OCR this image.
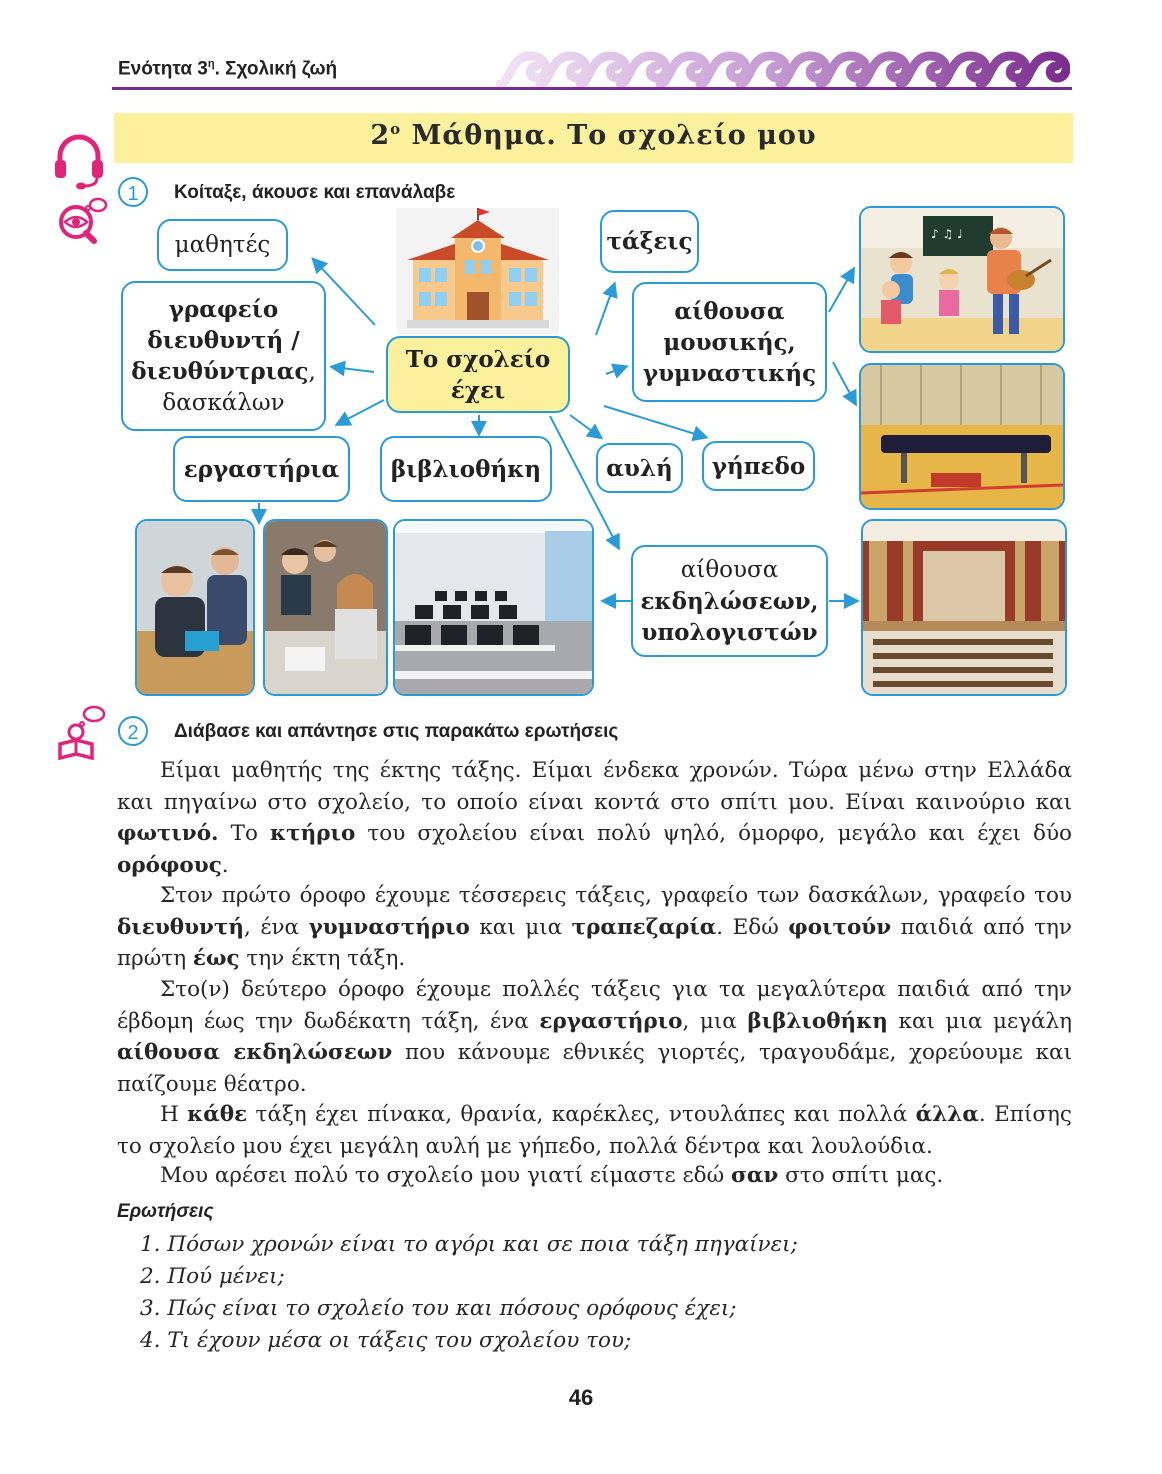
Ενότητα $3^\eta$. Σχολική ζωή
$2^o$ Μάθημα. Το σχολείο μου
1	Κοίταξε, άκουσε και επανάλαβε
μαθητές
γραφείο
διευθυντή /
διευθύντριας,
δασκάλων
Το σχολείο
έχει
εργαστήρια βιβλιοθήκη
τάξεις
αίθουσα
μουσικής,
γυμναστικής
αυλή γήπεδο
αίθουσα
εκδηλώσεων,
υπολογιστών
♪ ♫ ♩
2	Διάβασε και απάντησε στις παρακάτω ερωτήσεις
Είμαι μαθητής της έκτης τάξης. Είμαι ένδεκα χρονών. Τώρα μένω στην Ελλάδα και πηγαίνω στο σχολείο, το οποίο είναι κοντά στο σπίτι μου. Είναι καινούριο και φωτινό. Το κτήριο του σχολείου είναι πολύ ψηλό, όμορφο, μεγάλο και έχει δύο ορόφους.
Στον πρώτο όροφο έχουμε τέσσερεις τάξεις, γραφείο των δασκάλων, γραφείο του διευθυντή, ένα γυμναστήριο και μια τραπεζαρία. Εδώ φοιτούν παιδιά από την πρώτη έως την έκτη τάξη.
Στο(ν) δεύτερο όροφο έχουμε πολλές τάξεις για τα μεγαλύτερα παιδιά από την έβδομη έως την δωδέκατη τάξη, ένα εργαστήριο, μια βιβλιοθήκη και μια μεγάλη αίθουσα εκδηλώσεων που κάνουμε εθνικές γιορτές, τραγουδάμε, χορεύουμε και παίζουμε θέατρο.
Η κάθε τάξη έχει πίνακα, θρανία, καρέκλες, ντουλάπες και πολλά άλλα. Επίσης το σχολείο μου έχει μεγάλη αυλή με γήπεδο, πολλά δέντρα και λουλούδια.
Μου αρέσει πολύ το σχολείο μου γιατί είμαστε εδώ σαν στο σπίτι μας.
Ερωτήσεις
1. Πόσων χρονών είναι το αγόρι και σε ποια τάξη πηγαίνει;
2. Πού μένει;
3. Πώς είναι το σχολείο του και πόσους ορόφους έχει;
4. Τι έχουν μέσα οι τάξεις του σχολείου του;
46
